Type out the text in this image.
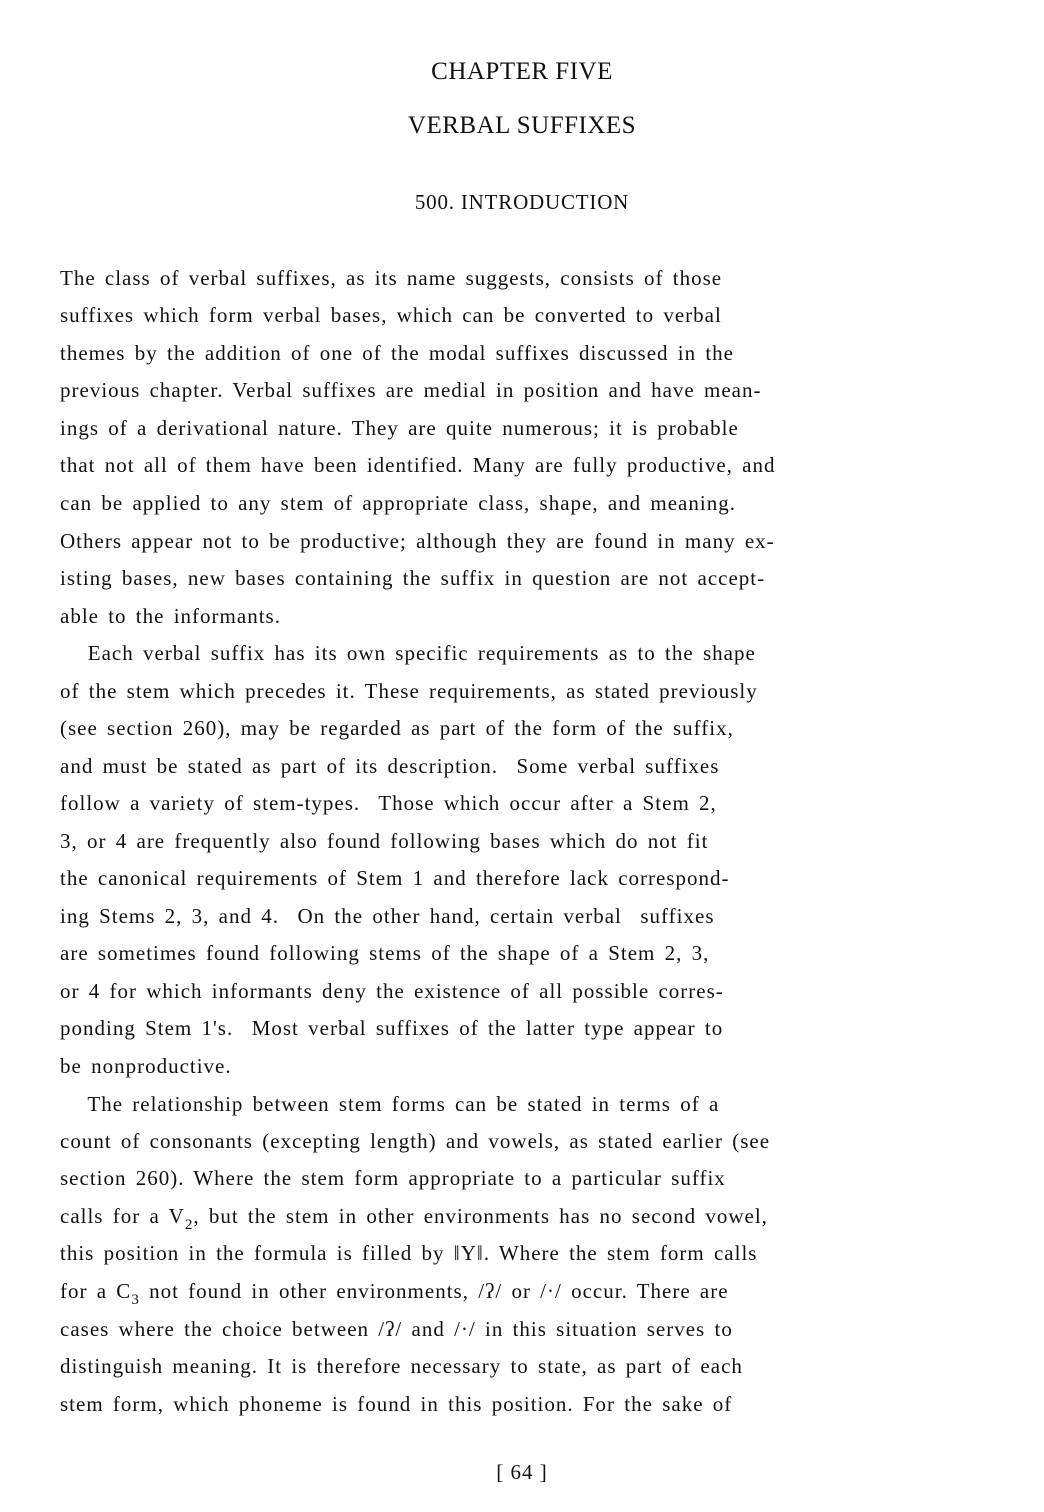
CHAPTER FIVE
VERBAL SUFFIXES
500. INTRODUCTION
The class of verbal suffixes, as its name suggests, consists of those
suffixes which form verbal bases, which can be converted to verbal
themes by the addition of one of the modal suffixes discussed in the
previous chapter. Verbal suffixes are medial in position and have mean-
ings of a derivational nature. They are quite numerous; it is probable
that not all of them have been identified. Many are fully productive, and
can be applied to any stem of appropriate class, shape, and meaning.
Others appear not to be productive; although they are found in many ex-
isting bases, new bases containing the suffix in question are not accept-
able to the informants.
Each verbal suffix has its own specific requirements as to the shape
of the stem which precedes it. These requirements, as stated previously
(see section 260), may be regarded as part of the form of the suffix,
and must be stated as part of its description.  Some verbal suffixes
follow a variety of stem-types.  Those which occur after a Stem 2,
3, or 4 are frequently also found following bases which do not fit
the canonical requirements of Stem 1 and therefore lack correspond-
ing Stems 2, 3, and 4.  On the other hand, certain verbal  suffixes
are sometimes found following stems of the shape of a Stem 2, 3,
or 4 for which informants deny the existence of all possible corres-
ponding Stem 1's.  Most verbal suffixes of the latter type appear to
be nonproductive.
The relationship between stem forms can be stated in terms of a
count of consonants (excepting length) and vowels, as stated earlier (see
section 260). Where the stem form appropriate to a particular suffix
calls for a $V_2$, but the stem in other environments has no second vowel,
this position in the formula is filled by ‖Y‖. Where the stem form calls
for a $C_3$ not found in other environments, /ʔ/ or /·/ occur. There are
cases where the choice between /ʔ/ and /·/ in this situation serves to
distinguish meaning. It is therefore necessary to state, as part of each
stem form, which phoneme is found in this position. For the sake of
[ 64 ]
